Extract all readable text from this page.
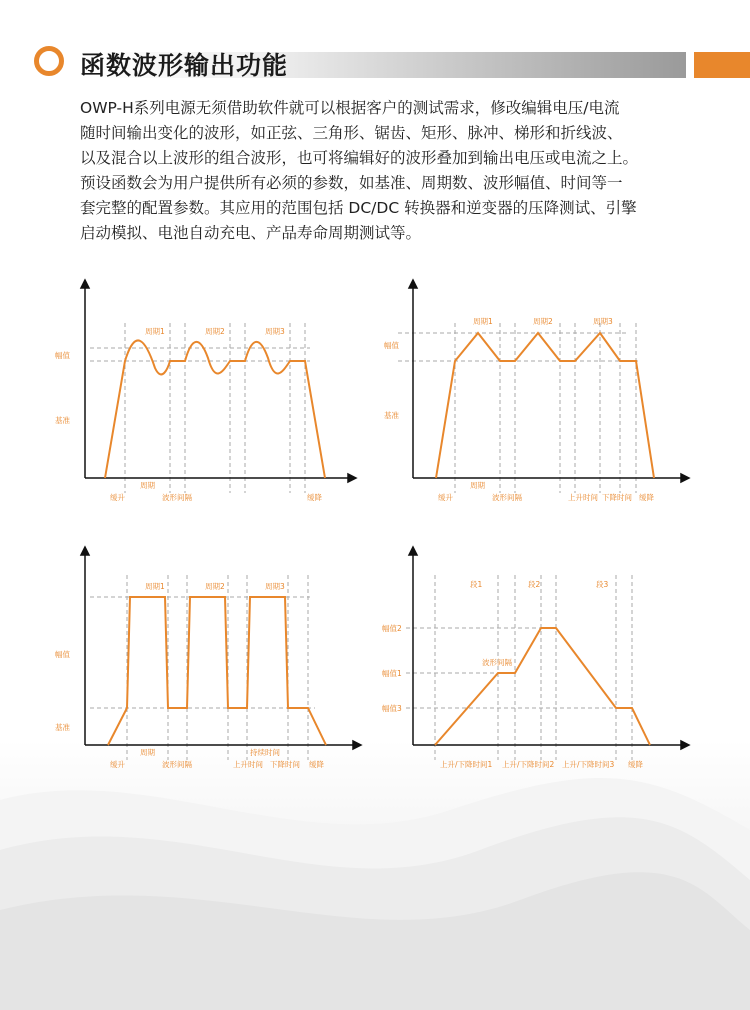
函数波形输出功能

OWP-H系列电源无须借助软件就可以根据客户的测试需求，修改编辑电压/电流

随时间输出变化的波形，如正弦、三角形、锯齿、矩形、脉冲、梯形和折线波、

以及混合以上波形的组合波形，也可将编辑好的波形叠加到输出电压或电流之上。

预设函数会为用户提供所有必须的参数，如基准、周期数、波形幅值、时间等一

套完整的配置参数。其应用的范围包括 DC/DC 转换器和逆变器的压降测试、引擎

启动模拟、电池自动充电、产品寿命周期测试等。

周期1	周期2	周期3
幅值
基准
缓升
周期
波形间隔	缓降
周期1	周期2	周期3
幅值
基准
缓升
周期
波形间隔	上升时间 下降时间 缓降
周期1	周期2	周期3
幅值
基准
缓升
周期
波形间隔
持续时间
上升时间 下降时间 缓降
段1	段2	段3
幅值2
幅值1
幅值3
波形间隔
上升/下降时间1 上升/下降时间2 上升/下降时间3 缓降
